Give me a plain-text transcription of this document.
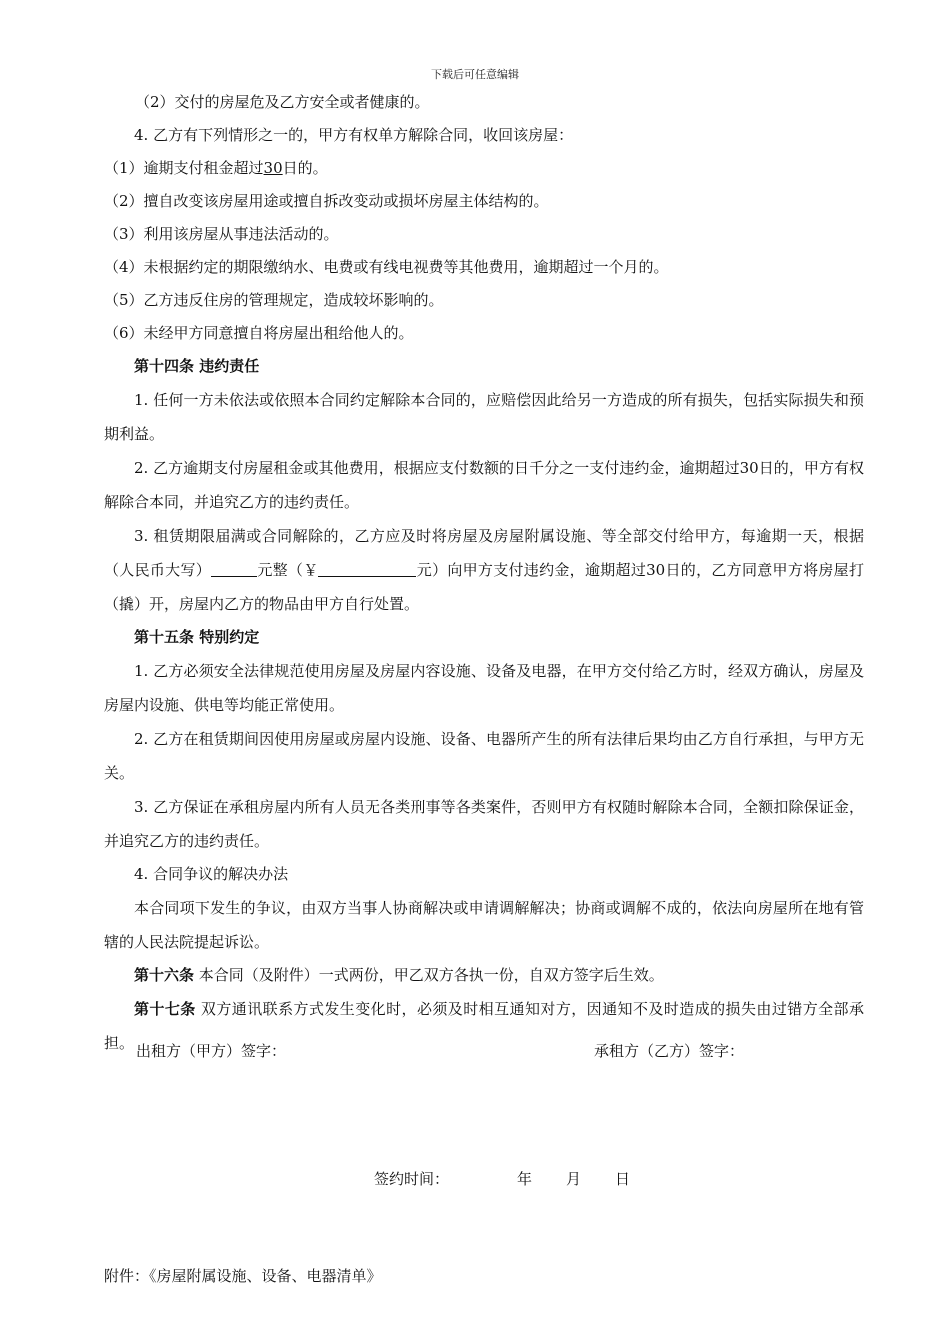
下载后可任意编辑

（2）交付的房屋危及乙方安全或者健康的。

4. 乙方有下列情形之一的，甲方有权单方解除合同，收回该房屋：

（1）逾期支付租金超过30日的。

（2）擅自改变该房屋用途或擅自拆改变动或损坏房屋主体结构的。

（3）利用该房屋从事违法活动的。

（4）未根据约定的期限缴纳水、电费或有线电视费等其他费用，逾期超过一个月的。

（5）乙方违反住房的管理规定，造成较坏影响的。

（6）未经甲方同意擅自将房屋出租给他人的。

第十四条 违约责任

1. 任何一方未依法或依照本合同约定解除本合同的，应赔偿因此给另一方造成的所有损失，包括实际损失和预期利益。

2. 乙方逾期支付房屋租金或其他费用，根据应支付数额的日千分之一支付违约金，逾期超过30日的，甲方有权解除合本同，并追究乙方的违约责任。

3. 租赁期限届满或合同解除的，乙方应及时将房屋及房屋附属设施、等全部交付给甲方，每逾期一天，根据（人民币大写）	元整（￥	元）向甲方支付违约金，逾期超过30日的，乙方同意甲方将房屋打（撬）开，房屋内乙方的物品由甲方自行处置。

第十五条 特别约定

1. 乙方必须安全法律规范使用房屋及房屋内容设施、设备及电器，在甲方交付给乙方时，经双方确认，房屋及房屋内设施、供电等均能正常使用。

2. 乙方在租赁期间因使用房屋或房屋内设施、设备、电器所产生的所有法律后果均由乙方自行承担，与甲方无关。

3. 乙方保证在承租房屋内所有人员无各类刑事等各类案件，否则甲方有权随时解除本合同，全额扣除保证金，并追究乙方的违约责任。

4. 合同争议的解决办法

本合同项下发生的争议，由双方当事人协商解决或申请调解解决；协商或调解不成的，依法向房屋所在地有管辖的人民法院提起诉讼。

第十六条 本合同（及附件）一式两份，甲乙双方各执一份，自双方签字后生效。

第十七条 双方通讯联系方式发生变化时，必须及时相互通知对方，因通知不及时造成的损失由过错方全部承担。 出租方（甲方）签字：	承租方（乙方）签字：
签约时间：	年 月 日
附件：《房屋附属设施、设备、电器清单》
